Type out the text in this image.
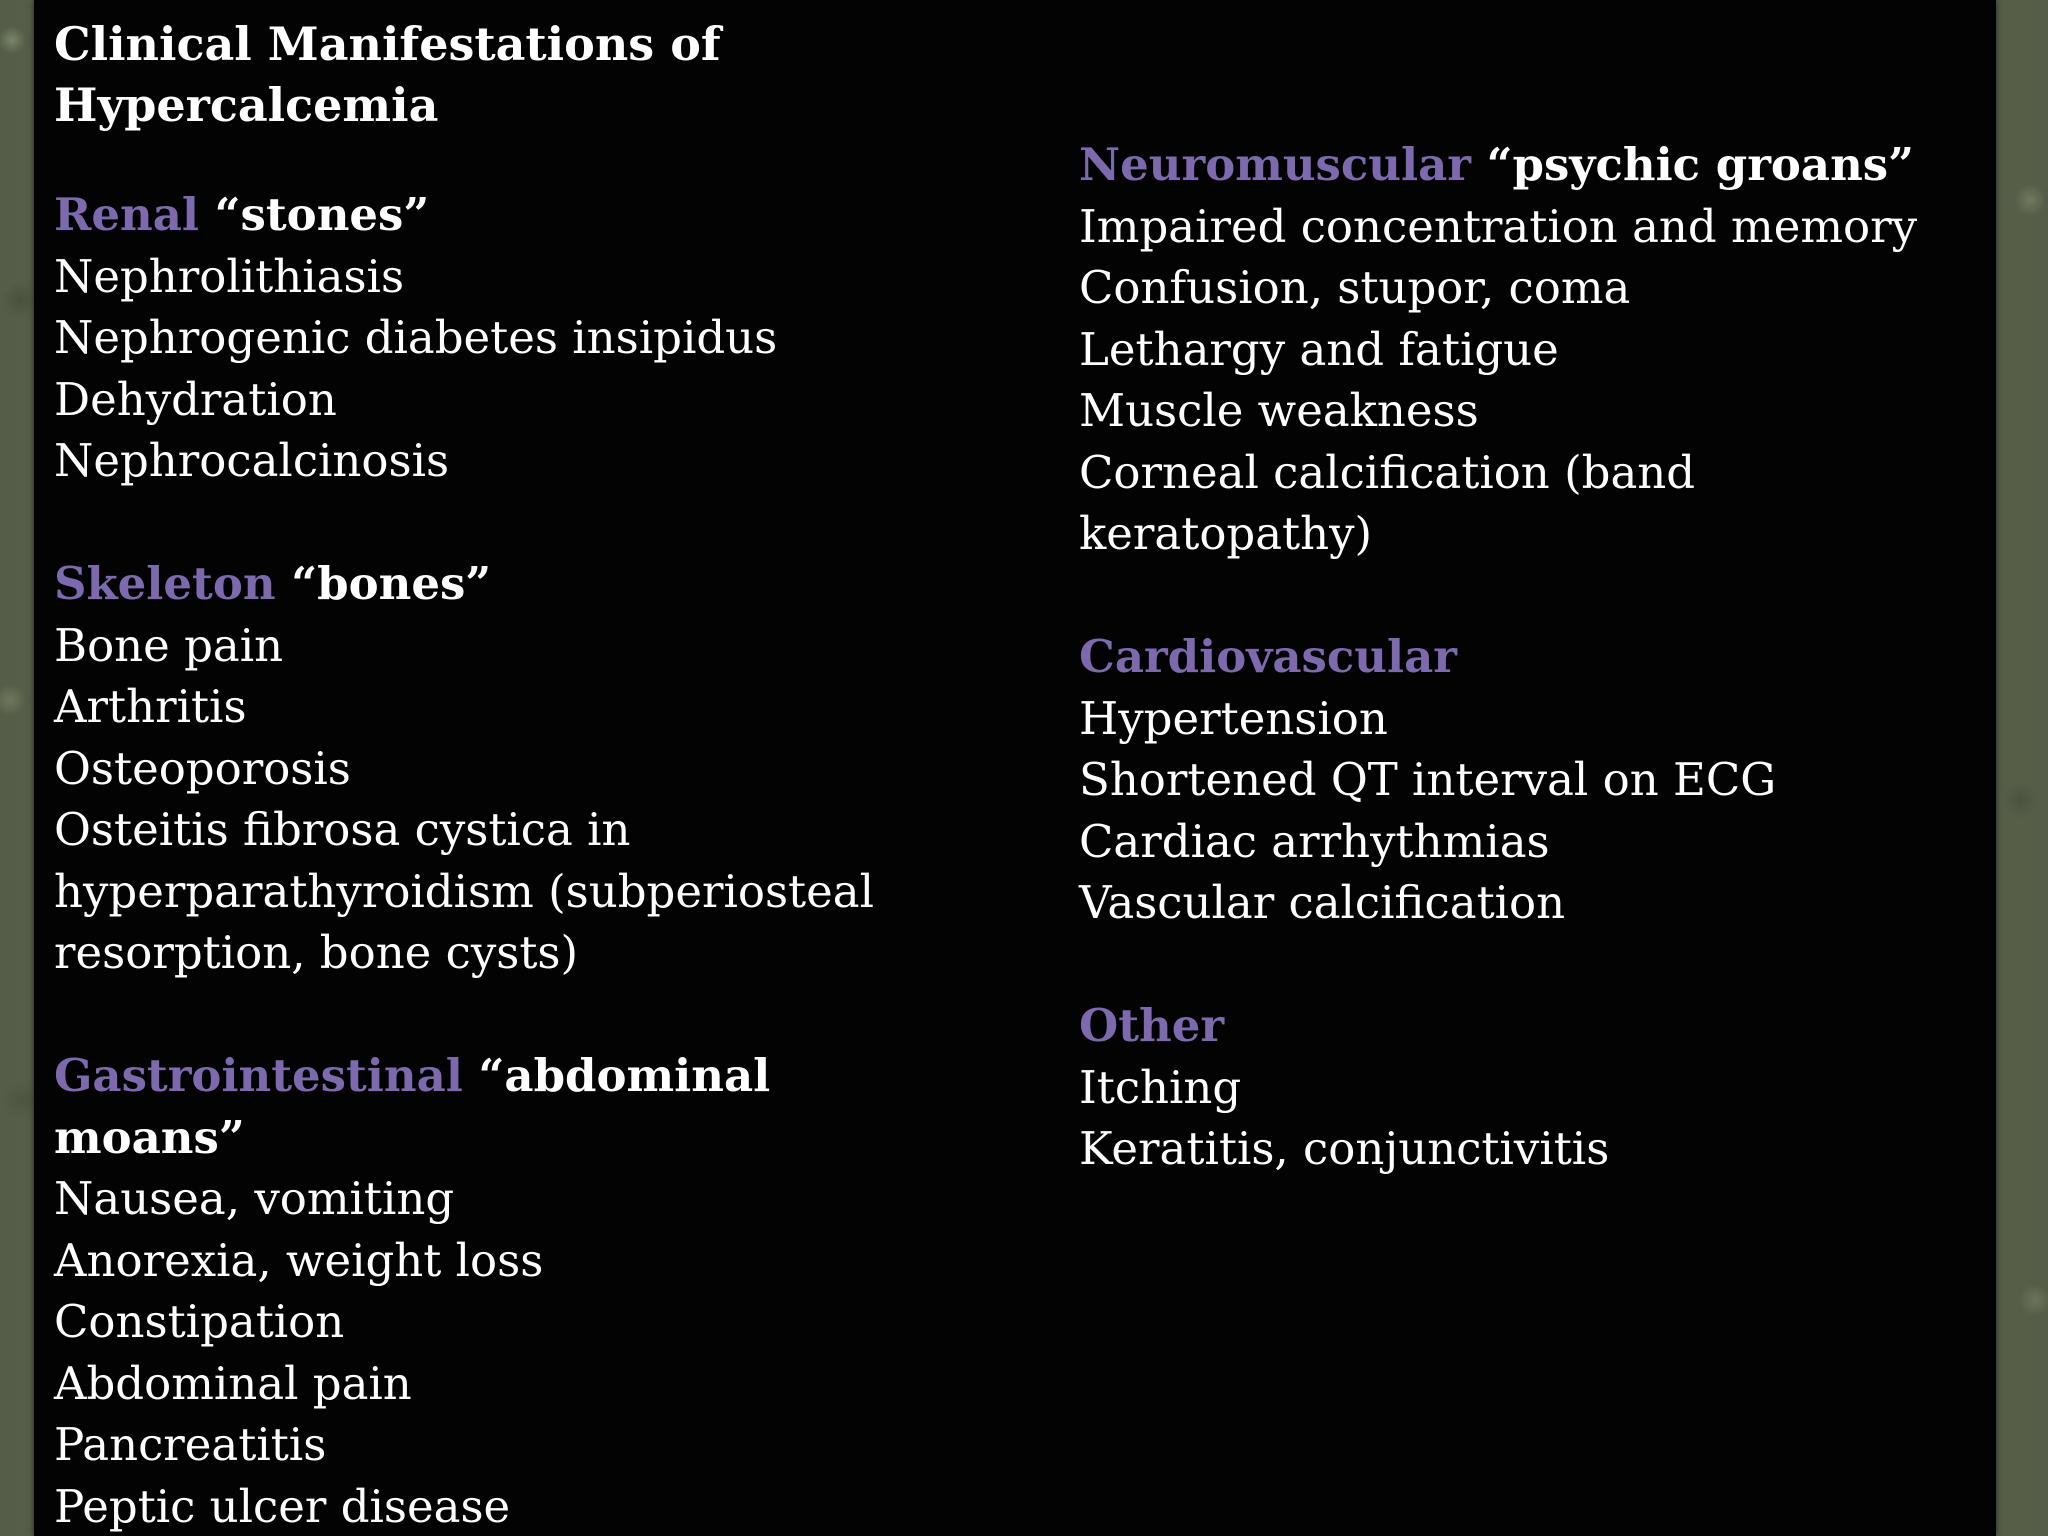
Clinical Manifestations of
Hypercalcemia
Renal “stones”
Nephrolithiasis
Nephrogenic diabetes insipidus
Dehydration
Nephrocalcinosis
Skeleton “bones”
Bone pain
Arthritis
Osteoporosis
Osteitis fibrosa cystica in
hyperparathyroidism (subperiosteal
resorption, bone cysts)
Gastrointestinal “abdominal
moans”
Nausea, vomiting
Anorexia, weight loss
Constipation
Abdominal pain
Pancreatitis
Peptic ulcer disease
Neuromuscular “psychic groans”
Impaired concentration and memory
Confusion, stupor, coma
Lethargy and fatigue
Muscle weakness
Corneal calcification (band
keratopathy)
Cardiovascular
Hypertension
Shortened QT interval on ECG
Cardiac arrhythmias
Vascular calcification
Other
Itching
Keratitis, conjunctivitis
